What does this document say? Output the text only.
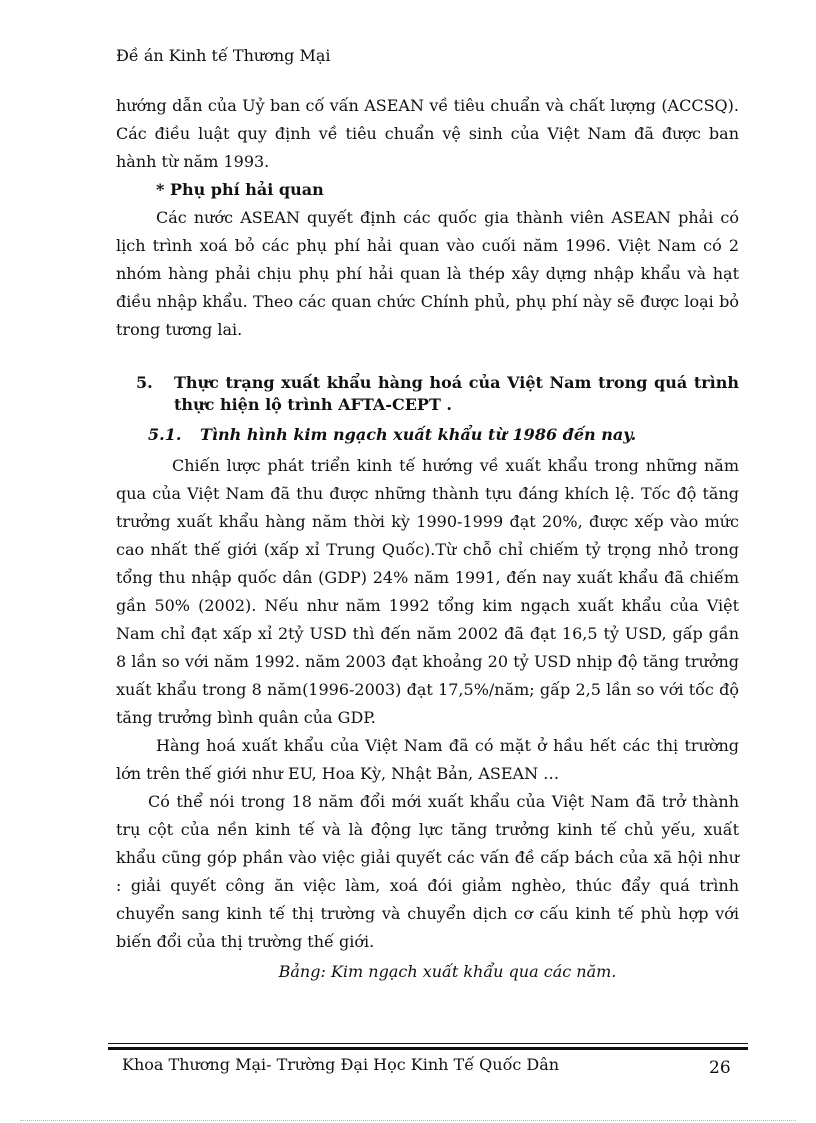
Đề án Kinh tế Thương Mại

hướng dẫn của Uỷ ban cố vấn ASEAN về tiêu chuẩn và chất lượng (ACCSQ). Các điều luật quy định về tiêu chuẩn vệ sinh của Việt Nam đã được ban hành từ năm 1993.

* Phụ phí hải quan

Các nước ASEAN quyết định các quốc gia thành viên ASEAN phải có lịch trình xoá bỏ các phụ phí hải quan vào cuối năm 1996. Việt Nam có 2 nhóm hàng phải chịu phụ phí hải quan là thép xây dựng nhập khẩu và hạt điều nhập khẩu. Theo các quan chức Chính phủ, phụ phí này sẽ được loại bỏ trong tương lai.

5.	Thực trạng xuất khẩu hàng hoá của Việt Nam trong quá trình thực hiện lộ trình AFTA-CEPT .
5.1.	Tình hình kim ngạch xuất khẩu từ 1986 đến nay.

Chiến lược phát triển kinh tế hướng về xuất khẩu trong những năm qua của Việt Nam đã thu được những thành tựu đáng khích lệ. Tốc độ tăng trưởng xuất khẩu hàng năm thời kỳ 1990-1999 đạt 20%, được xếp vào mức cao nhất thế giới (xấp xỉ Trung Quốc).Từ chỗ chỉ chiếm tỷ trọng nhỏ trong tổng thu nhập quốc dân (GDP) 24% năm 1991, đến nay xuất khẩu đã chiếm gần 50% (2002). Nếu như năm 1992 tổng kim ngạch xuất khẩu của Việt Nam chỉ đạt xấp xỉ 2tỷ USD thì đến năm 2002 đã đạt 16,5 tỷ USD, gấp gần 8 lần so với năm 1992. năm 2003 đạt khoảng 20 tỷ USD nhịp độ tăng trưởng xuất khẩu trong 8 năm(1996-2003) đạt 17,5%/năm; gấp 2,5 lần so với tốc độ tăng trưởng bình quân của GDP.

Hàng hoá xuất khẩu của Việt Nam đã có mặt ở hầu hết các thị trường lớn trên thế giới như EU, Hoa Kỳ, Nhật Bản, ASEAN …

Có thể nói trong 18 năm đổi mới xuất khẩu của Việt Nam đã trở thành trụ cột của nền kinh tế và là động lực tăng trưởng kinh tế chủ yếu, xuất khẩu cũng góp phần vào việc giải quyết các vấn đề cấp bách của xã hội như : giải quyết công ăn việc làm, xoá đói giảm nghèo, thúc đẩy quá trình chuyển sang kinh tế thị trường và chuyển dịch cơ cấu kinh tế phù hợp với biến đổi của thị trường thế giới.

Bảng: Kim ngạch xuất khẩu qua các năm.

Khoa Thương Mại- Trường Đại Học Kinh Tế Quốc Dân	26
